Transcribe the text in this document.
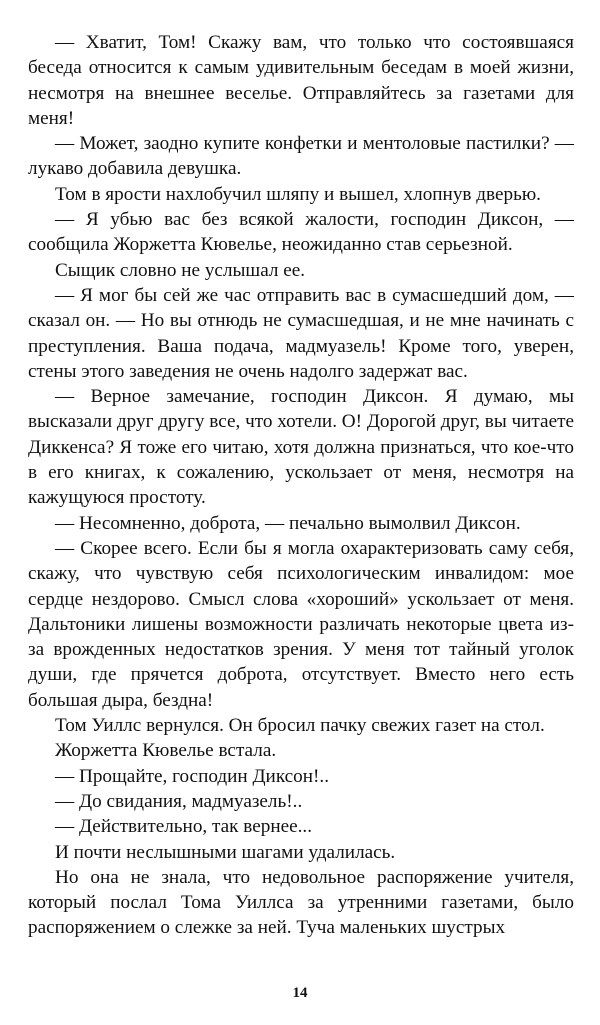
— Хватит, Том! Скажу вам, что только что состоявшаяся беседа относится к самым удивительным беседам в моей жизни, несмотря на внешнее веселье. Отправляйтесь за газетами для меня!

— Может, заодно купите конфетки и ментоловые пастилки? — лукаво добавила девушка.

Том в ярости нахлобучил шляпу и вышел, хлопнув дверью.

— Я убью вас без всякой жалости, господин Диксон, — сообщила Жоржетта Кювелье, неожиданно став серьезной.

Сыщик словно не услышал ее.

— Я мог бы сей же час отправить вас в сумасшедший дом, — сказал он. — Но вы отнюдь не сумасшедшая, и не мне начинать с преступления. Ваша подача, мадмуазель! Кроме того, уверен, стены этого заведения не очень надолго задержат вас.

— Верное замечание, господин Диксон. Я думаю, мы высказали друг другу все, что хотели. О! Дорогой друг, вы читаете Диккенса? Я тоже его читаю, хотя должна признаться, что кое-что в его книгах, к сожалению, ускользает от меня, несмотря на кажущуюся простоту.

— Несомненно, доброта, — печально вымолвил Диксон.

— Скорее всего. Если бы я могла охарактеризовать саму себя, скажу, что чувствую себя психологическим инвалидом: мое сердце нездорово. Смысл слова «хороший» ускользает от меня. Дальтоники лишены возможности различать некоторые цвета из-за врожденных недостатков зрения. У меня тот тайный уголок души, где прячется доброта, отсутствует. Вместо него есть большая дыра, бездна!

Том Уиллс вернулся. Он бросил пачку свежих газет на стол.

Жоржетта Кювелье встала.

— Прощайте, господин Диксон!..

— До свидания, мадмуазель!..

— Действительно, так вернее...

И почти неслышными шагами удалилась.

Но она не знала, что недовольное распоряжение учителя, который послал Тома Уиллса за утренними газетами, было распоряжением о слежке за ней. Туча маленьких шустрых

14
